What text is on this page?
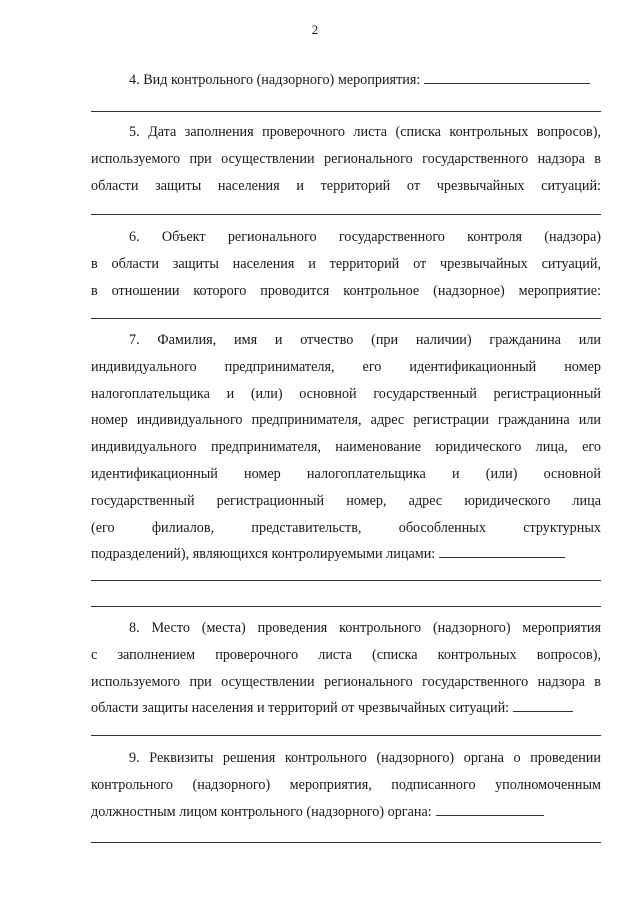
2

4. Вид контрольного (надзорного) мероприятия:

5. Дата заполнения проверочного листа (списка контрольных вопросов),

используемого при осуществлении регионального государственного надзора в

области защиты населения и территорий от чрезвычайных ситуаций:

6. Объект регионального государственного контроля (надзора)

в области защиты населения и территорий от чрезвычайных ситуаций,

в отношении которого проводится контрольное (надзорное) мероприятие:

7. Фамилия, имя и отчество (при наличии) гражданина или

индивидуального предпринимателя, его идентификационный номер

налогоплательщика и (или) основной государственный регистрационный

номер индивидуального предпринимателя, адрес регистрации гражданина или

индивидуального предпринимателя, наименование юридического лица, его

идентификационный номер налогоплательщика и (или) основной

государственный регистрационный номер, адрес юридического лица

(его филиалов, представительств, обособленных структурных

подразделений), являющихся контролируемыми лицами:

8. Место (места) проведения контрольного (надзорного) мероприятия

с заполнением проверочного листа (списка контрольных вопросов),

используемого при осуществлении регионального государственного надзора в

области защиты населения и территорий от чрезвычайных ситуаций:

9. Реквизиты решения контрольного (надзорного) органа о проведении

контрольного (надзорного) мероприятия, подписанного уполномоченным

должностным лицом контрольного (надзорного) органа:
